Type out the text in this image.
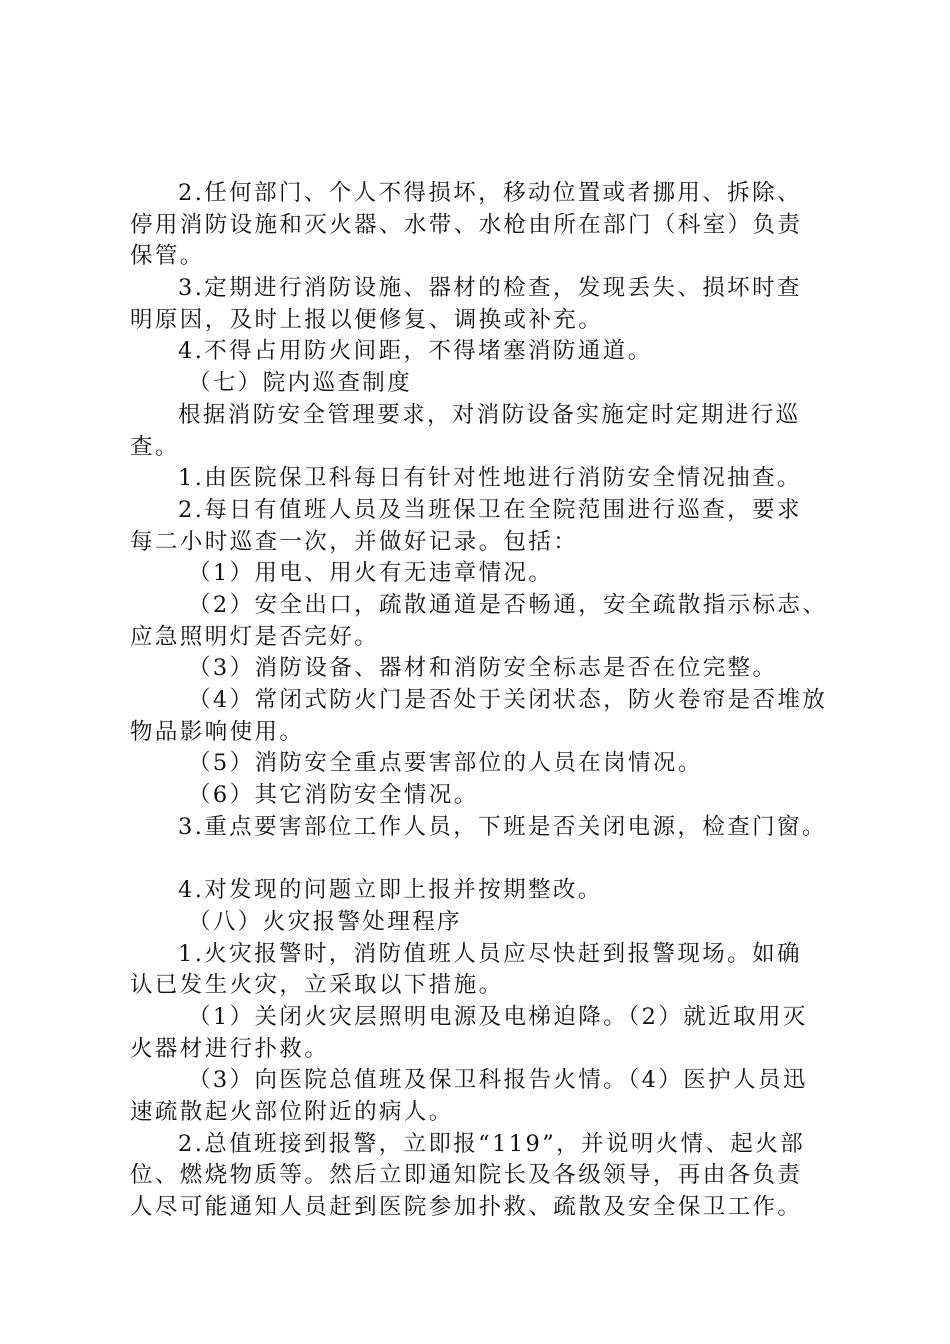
2.任何部门、个人不得损坏，移动位置或者挪用、拆除、
停用消防设施和灭火器、水带、水枪由所在部门（科室）负责
保管。
3.定期进行消防设施、器材的检查，发现丢失、损坏时查
明原因，及时上报以便修复、调换或补充。
4.不得占用防火间距，不得堵塞消防通道。
（七）院内巡查制度
根据消防安全管理要求，对消防设备实施定时定期进行巡
查。
1.由医院保卫科每日有针对性地进行消防安全情况抽查。
2.每日有值班人员及当班保卫在全院范围进行巡查，要求
每二小时巡查一次，并做好记录。包括：
（1）用电、用火有无违章情况。
（2）安全出口，疏散通道是否畅通，安全疏散指示标志、
应急照明灯是否完好。
（3）消防设备、器材和消防安全标志是否在位完整。
（4）常闭式防火门是否处于关闭状态，防火卷帘是否堆放
物品影响使用。
（5）消防安全重点要害部位的人员在岗情况。
（6）其它消防安全情况。
3.重点要害部位工作人员，下班是否关闭电源，检查门窗。
4.对发现的问题立即上报并按期整改。
（八）火灾报警处理程序
1.火灾报警时，消防值班人员应尽快赶到报警现场。如确
认已发生火灾，立采取以下措施。
（1）关闭火灾层照明电源及电梯迫降。（2）就近取用灭
火器材进行扑救。
（3）向医院总值班及保卫科报告火情。（4）医护人员迅
速疏散起火部位附近的病人。
2.总值班接到报警，立即报“119”，并说明火情、起火部
位、燃烧物质等。然后立即通知院长及各级领导，再由各负责
人尽可能通知人员赶到医院参加扑救、疏散及安全保卫工作。
